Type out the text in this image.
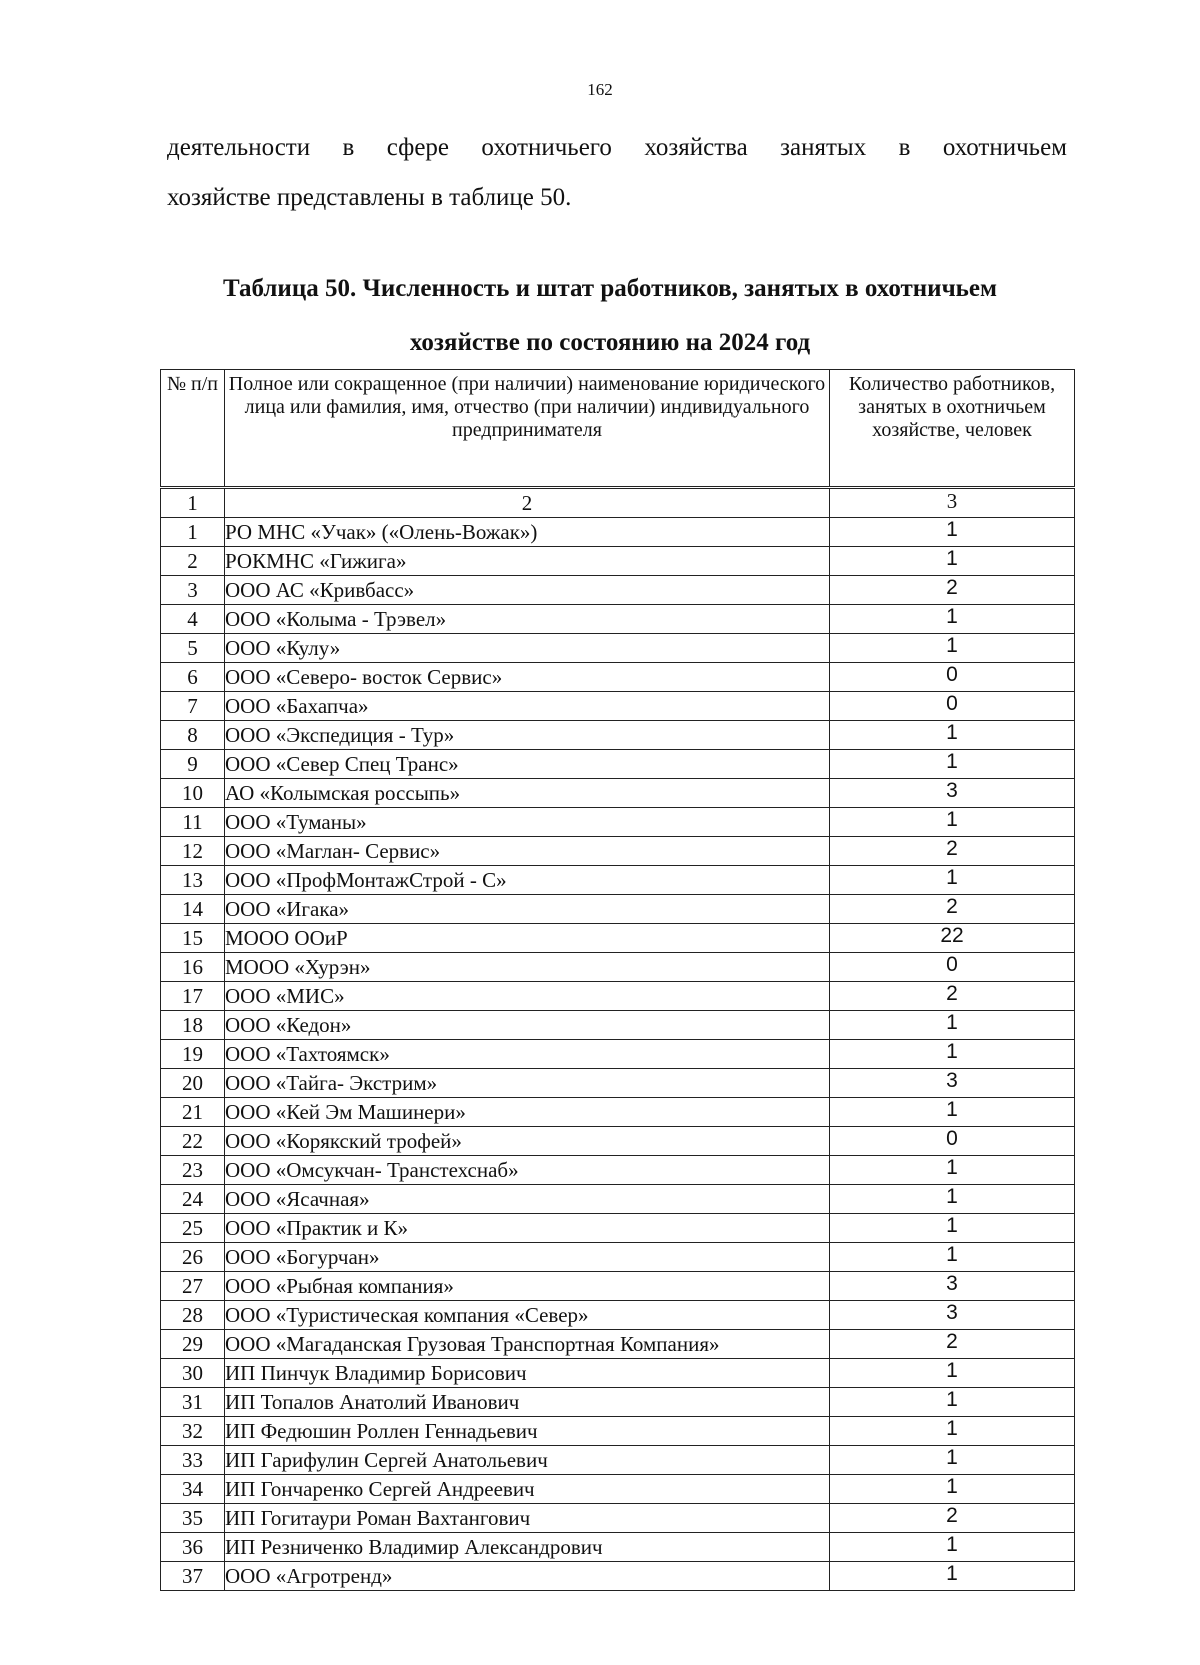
162
деятельности в сфере охотничьего хозяйства занятых в охотничьем
хозяйстве представлены в таблице 50.
Таблица 50. Численность и штат работников, занятых в охотничьем
хозяйстве по состоянию на 2024 год
№ п/п	Полное или сокращенное (при наличии) наименование юридического лица или фамилия, имя, отчество (при наличии) индивидуального предпринимателя	Количество работников, занятых в охотничьем хозяйстве, человек
1	2	3
1	РО МНС «Учак» («Олень-Вожак»)	1
2	РОКМНС «Гижига»	1
3	ООО АС «Кривбасс»	2
4	ООО «Колыма - Трэвел»	1
5	ООО «Кулу»	1
6	ООО «Северо- восток Сервис»	0
7	ООО «Бахапча»	0
8	ООО «Экспедиция - Тур»	1
9	ООО «Север Спец Транс»	1
10	АО «Колымская россыпь»	3
11	ООО «Туманы»	1
12	ООО «Маглан- Сервис»	2
13	ООО «ПрофМонтажСтрой - С»	1
14	ООО «Игака»	2
15	МООО ООиР	22
16	МООО «Хурэн»	0
17	ООО «МИС»	2
18	ООО «Кедон»	1
19	ООО «Тахтоямск»	1
20	ООО «Тайга- Экстрим»	3
21	ООО «Кей Эм Машинери»	1
22	ООО «Корякский трофей»	0
23	ООО «Омсукчан- Транстехснаб»	1
24	ООО «Ясачная»	1
25	ООО «Практик и К»	1
26	ООО «Богурчан»	1
27	ООО «Рыбная компания»	3
28	ООО «Туристическая компания «Север»	3
29	ООО «Магаданская Грузовая Транспортная Компания»	2
30	ИП Пинчук Владимир Борисович	1
31	ИП Топалов Анатолий Иванович	1
32	ИП Федюшин Роллен Геннадьевич	1
33	ИП Гарифулин Сергей Анатольевич	1
34	ИП Гончаренко Сергей Андреевич	1
35	ИП Гогитаури Роман Вахтангович	2
36	ИП Резниченко Владимир Александрович	1
37	ООО «Агротренд»	1
